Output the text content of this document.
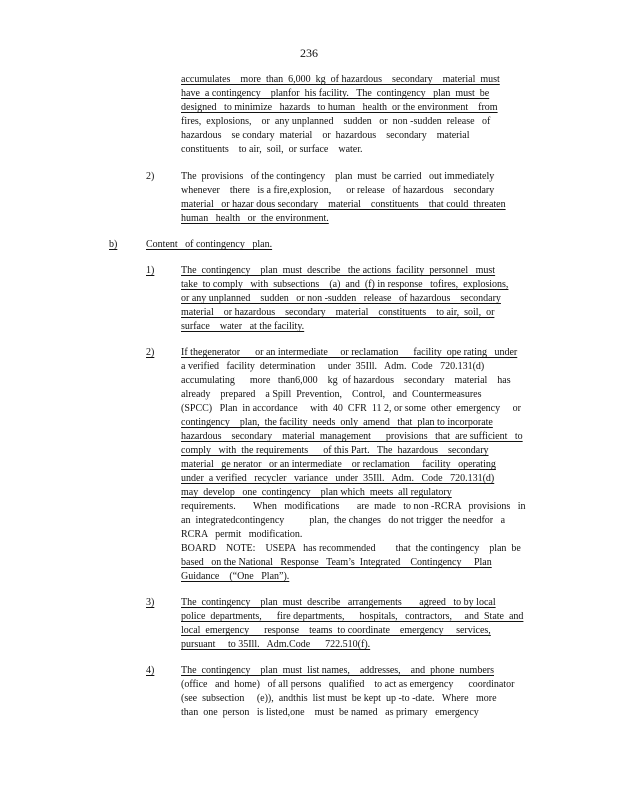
236
accumulates    more  than  6,000  kg  of hazardous    secondary    material  must
have  a contingency    planfor  his facility.   The  contingency   plan  must  be
designed   to minimize   hazards   to human   health  or the environment    from
fires,  explosions,    or  any unplanned    sudden   or  non -sudden  release   of
hazardous    se condary  material    or  hazardous    secondary    material
constituents    to air,  soil,  or surface    water.
2)	The  provisions   of the contingency    plan  must  be carried   out immediately
whenever    there   is a fire,explosion,      or release   of hazardous    secondary
material   or hazar dous secondary    material    constituents    that could  threaten
human   health   or  the environment.
b)	Content   of contingency   plan.
1)	The  contingency    plan  must  describe   the actions  facility  personnel   must
take  to comply   with  subsections    (a)  and  (f) in response   tofires,  explosions,
or any unplanned    sudden   or non -sudden   release   of hazardous    secondary
material    or hazardous    secondary    material    constituents    to air,  soil,  or
surface    water   at the facility.
2)	If thegenerator      or an intermediate     or reclamation      facility  ope rating   under
a verified   facility  determination     under  35Ill.   Adm.  Code   720.131(d)
accumulating      more   than6,000    kg  of hazardous    secondary    material    has
already    prepared    a Spill  Prevention,    Control,   and  Countermeasures
(SPCC)   Plan  in accordance     with  40  CFR  11 2, or some  other  emergency     or
contingency    plan,  the facility  needs  only  amend   that  plan to incorporate
hazardous    secondary    material  management      provisions   that  are sufficient   to
comply   with  the requirements      of this Part.   The  hazardous    secondary
material   ge nerator   or an intermediate    or reclamation     facility   operating
under  a verified   recycler   variance   under  35Ill.   Adm.   Code   720.131(d)
may  develop   one  contingency    plan which  meets  all regulatory
requirements.       When   modifications       are  made   to non -RCRA   provisions   in
an  integratedcontingency          plan,  the changes   do not trigger  the needfor   a
RCRA   permit   modification.
BOARD    NOTE:    USEPA   has recommended        that  the contingency    plan  be
based   on the National   Response   Team’s  Integrated    Contingency     Plan
Guidance    (“One   Plan”).
3)	The  contingency    plan  must  describe   arrangements       agreed   to by local
police  departments,      fire departments,      hospitals,   contractors,     and  State  and
local  emergency      response    teams  to coordinate    emergency     services,
pursuant     to 35Ill.   Adm.Code      722.510(f).
4)	The  contingency    plan  must  list names,    addresses,    and  phone  numbers
(office   and  home)   of all persons   qualified    to act as emergency      coordinator
(see  subsection     (e)),  andthis  list must  be kept  up -to -date.   Where   more
than  one  person   is listed,one    must  be named   as primary   emergency
